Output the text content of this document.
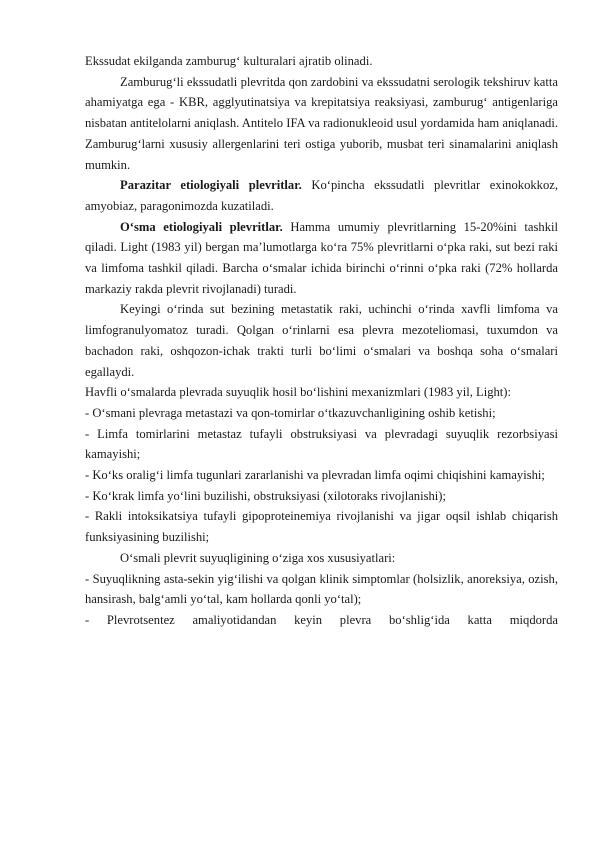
Ekssudat ekilganda zamburug‘ kulturalari ajratib olinadi.

Zamburug‘li ekssudatli plevritda qon zardobini va ekssudatni serologik tekshiruv katta ahamiyatga ega - KBR, agglyutinatsiya va krepitatsiya reaksiyasi, zamburug‘ antigenlariga nisbatan antitelolarni aniqlash. Antitelo IFA va radionukleoid usul yordamida ham aniqlanadi. Zamburug‘larni xususiy allergenlarini teri ostiga yuborib, musbat teri sinamalarini aniqlash mumkin.

Parazitar etiologiyali plevritlar. Ko‘pincha ekssudatli plevritlar exinokokkoz, amyobiaz, paragonimozda kuzatiladi.

O‘sma etiologiyali plevritlar. Hamma umumiy plevritlarning 15-20%ini tashkil qiladi. Light (1983 yil) bergan ma’lumotlarga ko‘ra 75% plevritlarni o‘pka raki, sut bezi raki va limfoma tashkil qiladi. Barcha o‘smalar ichida birinchi o‘rinni o‘pka raki (72% hollarda markaziy rakda plevrit rivojlanadi) turadi.

Keyingi o‘rinda sut bezining metastatik raki, uchinchi o‘rinda xavfli limfoma va limfogranulyomatoz turadi. Qolgan o‘rinlarni esa plevra mezoteliomasi, tuxumdon va bachadon raki, oshqozon-ichak trakti turli bo‘limi o‘smalari va boshqa soha o‘smalari egallaydi.

Havfli o‘smalarda plevrada suyuqlik hosil bo‘lishini mexanizmlari (1983 yil, Light):

- O‘smani plevraga metastazi va qon-tomirlar o‘tkazuvchanligining oshib ketishi;

- Limfa tomirlarini metastaz tufayli obstruksiyasi va plevradagi suyuqlik rezorbsiyasi kamayishi;

- Ko‘ks oralig‘i limfa tugunlari zararlanishi va plevradan limfa oqimi chiqishini kamayishi;

- Ko‘krak limfa yo‘lini buzilishi, obstruksiyasi (xilotoraks rivojlanishi);

- Rakli intoksikatsiya tufayli gipoproteinemiya rivojlanishi va jigar oqsil ishlab chiqarish funksiyasining buzilishi;

O‘smali plevrit suyuqligining o‘ziga xos xususiyatlari:

- Suyuqlikning asta-sekin yig‘ilishi va qolgan klinik simptomlar (holsizlik, anoreksiya, ozish, hansirash, balg‘amli yo‘tal, kam hollarda qonli yo‘tal);

- Plevrotsentez amaliyotidandan keyin plevra bo‘shlig‘ida katta miqdorda
